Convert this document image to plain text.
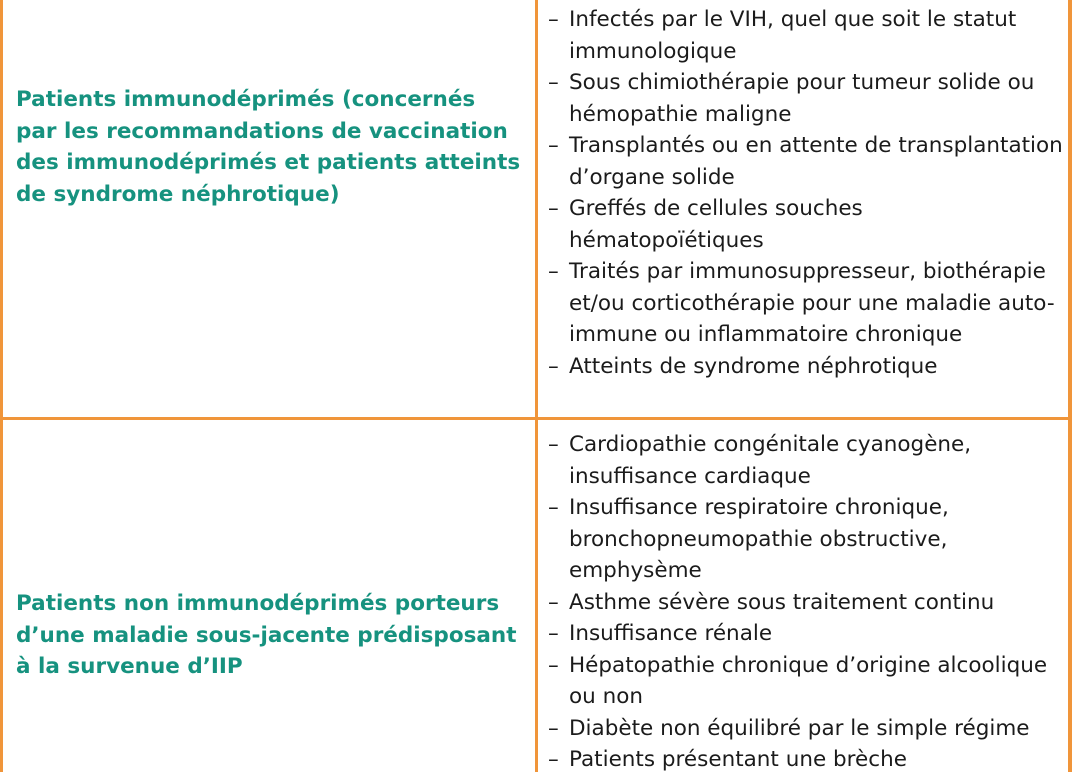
Patients immunodéprimés (concernés par les recommandations de vaccination des immunodéprimés et patients atteints de syndrome néphrotique)
– Infectés par le VIH, quel que soit le statut immunologique
– Sous chimiothérapie pour tumeur solide ou hémopathie maligne
– Transplantés ou en attente de transplantation d’organe solide
– Greffés de cellules souches hématopoïétiques
– Traités par immunosuppresseur, biothérapie et/ou corticothérapie pour une maladie auto-immune ou inflammatoire chronique
– Atteints de syndrome néphrotique
Patients non immunodéprimés porteurs d’une maladie sous-jacente prédisposant à la survenue d’IIP
– Cardiopathie congénitale cyanogène, insuffisance cardiaque
– Insuffisance respiratoire chronique, bronchopneumopathie obstructive, emphysème
– Asthme sévère sous traitement continu
– Insuffisance rénale
– Hépatopathie chronique d’origine alcoolique ou non
– Diabète non équilibré par le simple régime
– Patients présentant une brèche
